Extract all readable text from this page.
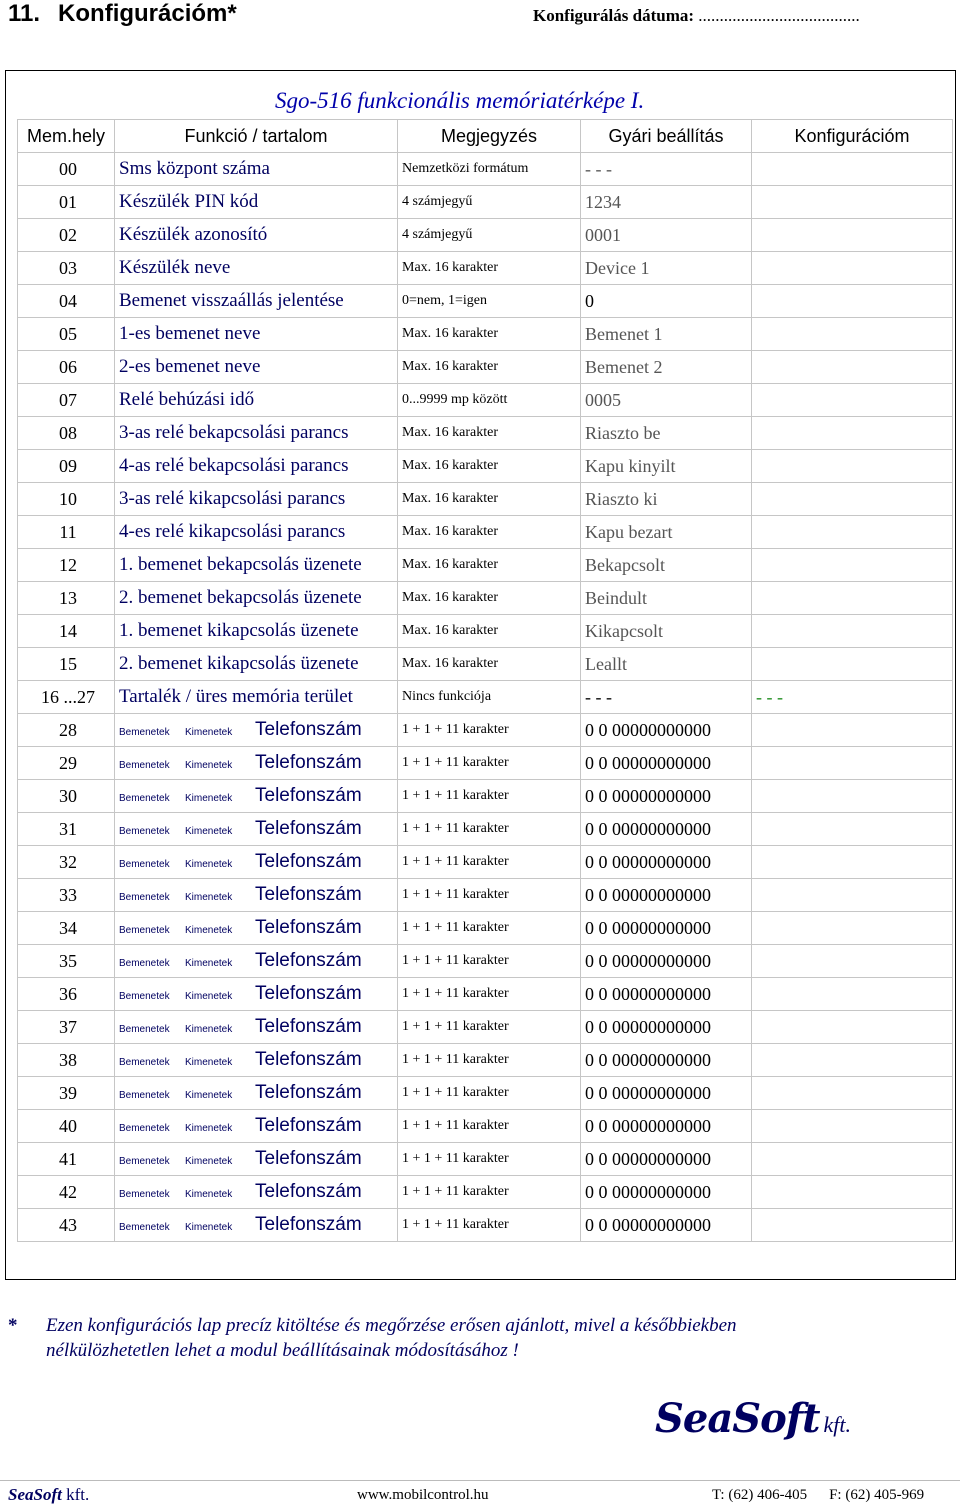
11. Konfigurációm*	Konfigurálás dátuma: ......................................
Sgo-516 funkcionális memóriatérképe I.
Mem.hely	Funkció / tartalom	Megjegyzés	Gyári beállítás	Konfigurációm
00	Sms központ száma	Nemzetközi formátum	- - -	
01	Készülék PIN kód	4 számjegyű	1234	
02	Készülék azonosító	4 számjegyű	0001	
03	Készülék neve	Max. 16 karakter	Device 1	
04	Bemenet visszaállás jelentése	0=nem, 1=igen	0	
05	1-es bemenet neve	Max. 16 karakter	Bemenet 1	
06	2-es bemenet neve	Max. 16 karakter	Bemenet 2	
07	Relé behúzási idő	0...9999 mp között	0005	
08	3-as relé bekapcsolási parancs	Max. 16 karakter	Riaszto be	
09	4-as relé bekapcsolási parancs	Max. 16 karakter	Kapu kinyilt	
10	3-as relé kikapcsolási parancs	Max. 16 karakter	Riaszto ki	
11	4-es relé kikapcsolási parancs	Max. 16 karakter	Kapu bezart	
12	1. bemenet bekapcsolás üzenete	Max. 16 karakter	Bekapcsolt	
13	2. bemenet bekapcsolás üzenete	Max. 16 karakter	Beindult	
14	1. bemenet kikapcsolás üzenete	Max. 16 karakter	Kikapcsolt	
15	2. bemenet kikapcsolás üzenete	Max. 16 karakter	Leallt	
16 ...27	Tartalék / üres memória terület	Nincs funkciója	- - -	- - -
28	Bemenetek Kimenetek Telefonszám	1 + 1 + 11 karakter	0 0 00000000000	
29	Bemenetek Kimenetek Telefonszám	1 + 1 + 11 karakter	0 0 00000000000	
30	Bemenetek Kimenetek Telefonszám	1 + 1 + 11 karakter	0 0 00000000000	
31	Bemenetek Kimenetek Telefonszám	1 + 1 + 11 karakter	0 0 00000000000	
32	Bemenetek Kimenetek Telefonszám	1 + 1 + 11 karakter	0 0 00000000000	
33	Bemenetek Kimenetek Telefonszám	1 + 1 + 11 karakter	0 0 00000000000	
34	Bemenetek Kimenetek Telefonszám	1 + 1 + 11 karakter	0 0 00000000000	
35	Bemenetek Kimenetek Telefonszám	1 + 1 + 11 karakter	0 0 00000000000	
36	Bemenetek Kimenetek Telefonszám	1 + 1 + 11 karakter	0 0 00000000000	
37	Bemenetek Kimenetek Telefonszám	1 + 1 + 11 karakter	0 0 00000000000	
38	Bemenetek Kimenetek Telefonszám	1 + 1 + 11 karakter	0 0 00000000000	
39	Bemenetek Kimenetek Telefonszám	1 + 1 + 11 karakter	0 0 00000000000	
40	Bemenetek Kimenetek Telefonszám	1 + 1 + 11 karakter	0 0 00000000000	
41	Bemenetek Kimenetek Telefonszám	1 + 1 + 11 karakter	0 0 00000000000	
42	Bemenetek Kimenetek Telefonszám	1 + 1 + 11 karakter	0 0 00000000000	
43	Bemenetek Kimenetek Telefonszám	1 + 1 + 11 karakter	0 0 00000000000	
* Ezen konfigurációs lap precíz kitöltése és megőrzése erősen ajánlott, mivel a későbbiekben
nélkülözhetetlen lehet a modul beállításainak módosításához !
SeaSoft kft.
SeaSoft kft.	www.mobilcontrol.hu	T: (62) 406-405 F: (62) 405-969
